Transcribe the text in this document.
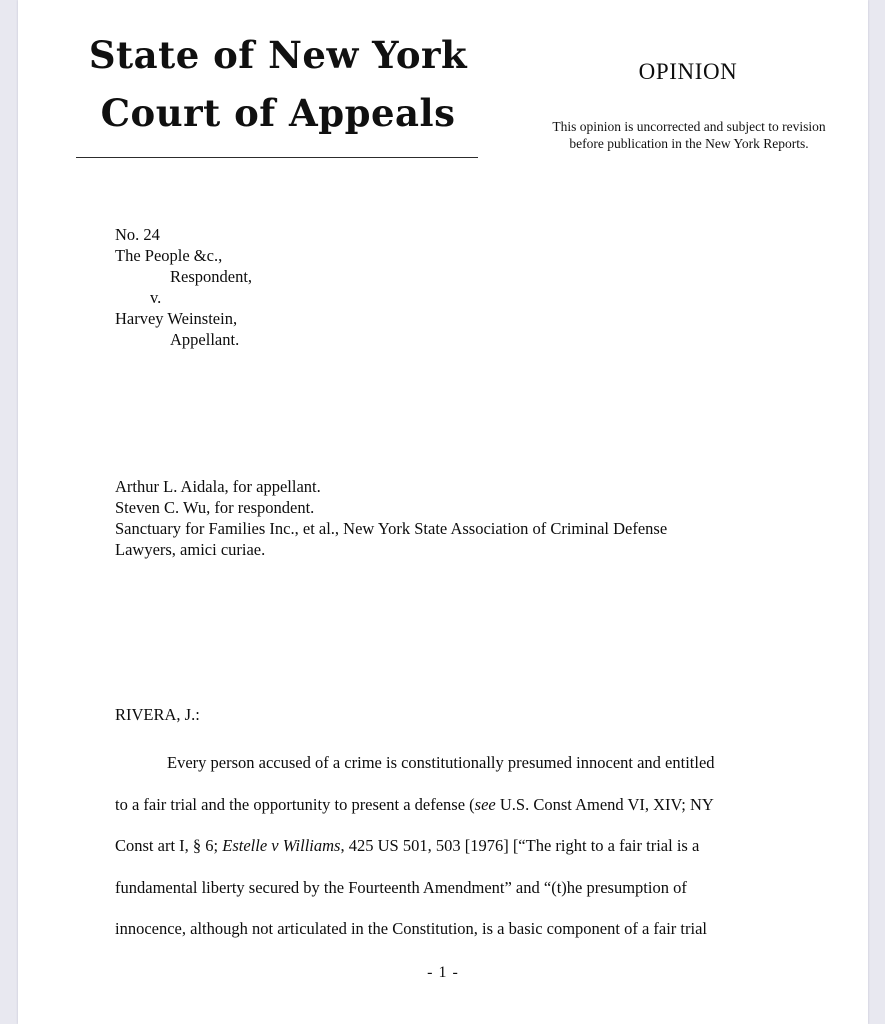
State of New York
Court of Appeals
OPINION
This opinion is uncorrected and subject to revision
before publication in the New York Reports.
No. 24
The People &c.,
Respondent,
v.
Harvey Weinstein,
Appellant.
Arthur L. Aidala, for appellant.
Steven C. Wu, for respondent.
Sanctuary for Families Inc., et al., New York State Association of Criminal Defense
Lawyers, amici curiae.
RIVERA, J.:
Every person accused of a crime is constitutionally presumed innocent and entitled
to a fair trial and the opportunity to present a defense (see U.S. Const Amend VI, XIV; NY
Const art I, § 6; Estelle v Williams, 425 US 501, 503 [1976] [“The right to a fair trial is a
fundamental liberty secured by the Fourteenth Amendment” and “(t)he presumption of
innocence, although not articulated in the Constitution, is a basic component of a fair trial
- 1 -
